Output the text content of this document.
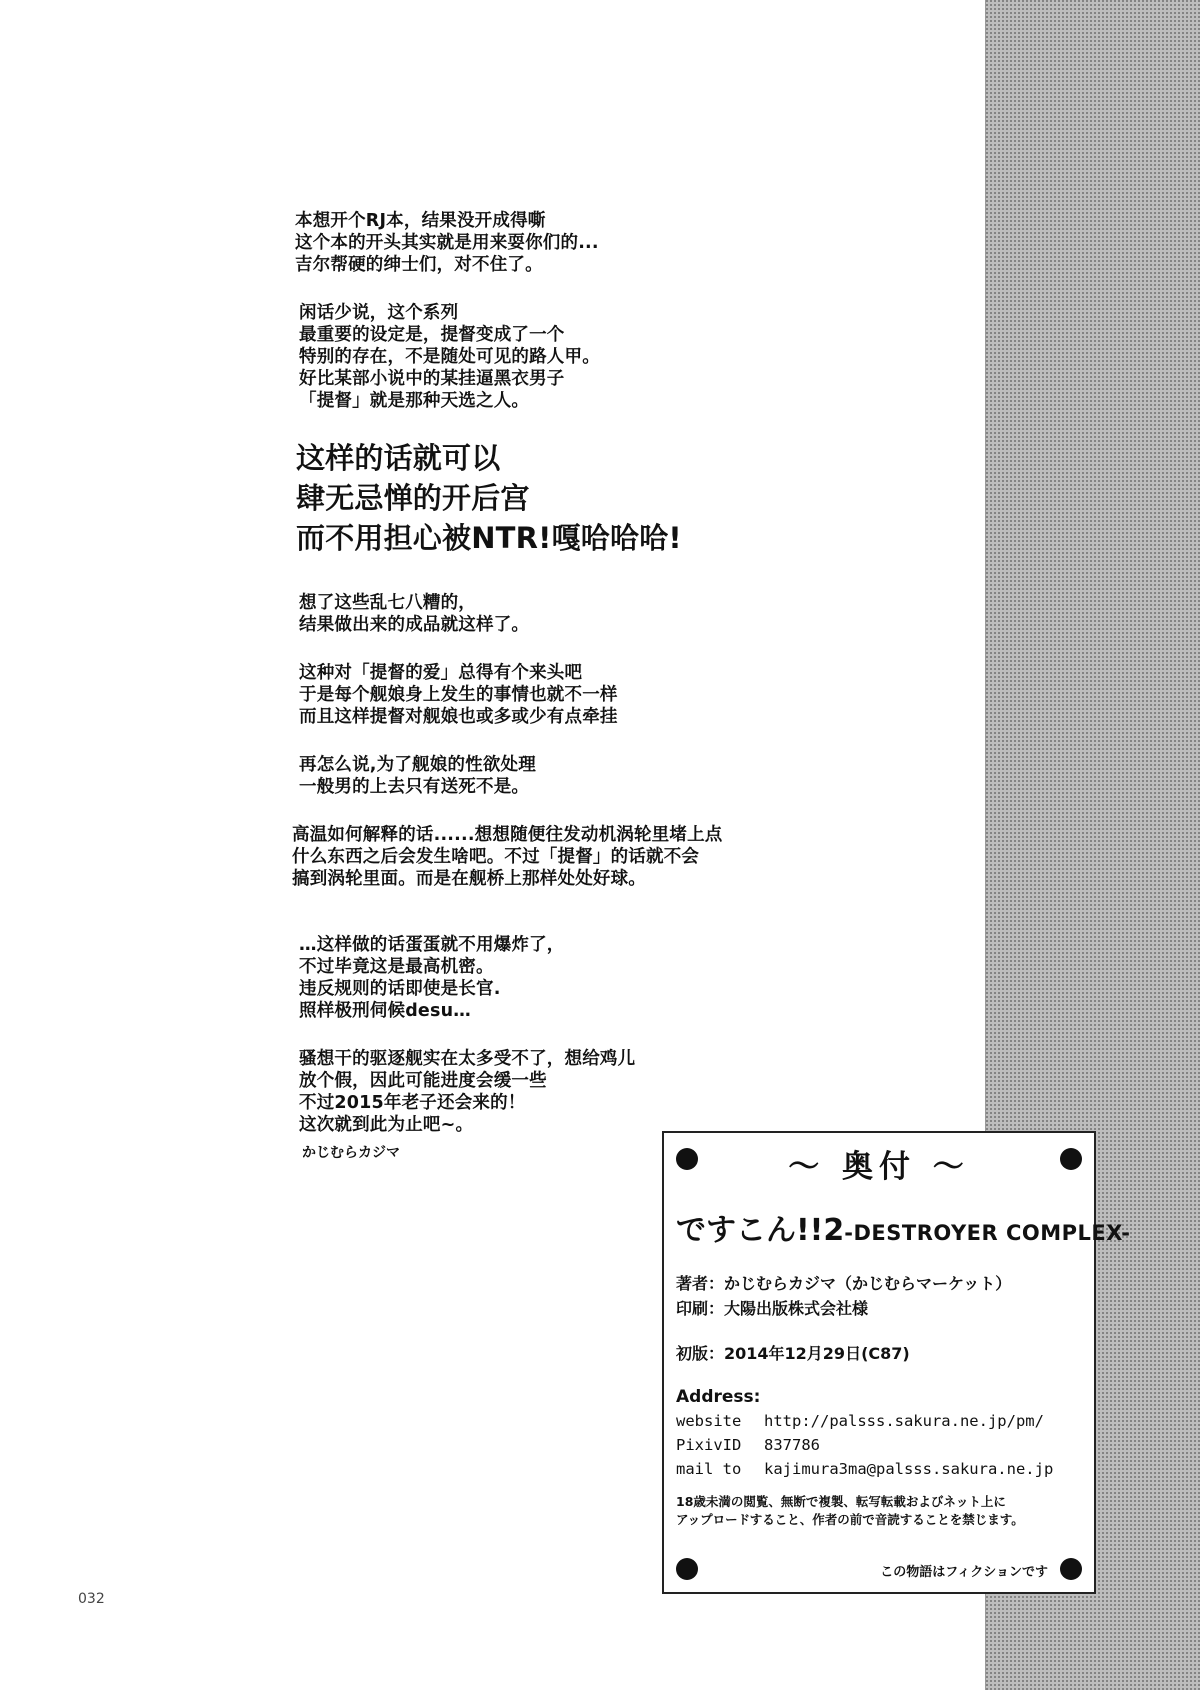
本想开个RJ本，结果没开成得嘶
这个本的开头其实就是用来耍你们的...
吉尔帮硬的绅士们，对不住了。
闲话少说，这个系列
最重要的设定是，提督变成了一个
特别的存在，不是随处可见的路人甲。
好比某部小说中的某挂逼黑衣男子
「提督」就是那种天选之人。
这样的话就可以
肆无忌惮的开后宫
而不用担心被NTR!嘎哈哈哈!
想了这些乱七八糟的，
结果做出来的成品就这样了。
这种对「提督的爱」总得有个来头吧
于是每个舰娘身上发生的事情也就不一样
而且这样提督对舰娘也或多或少有点牵挂
再怎么说,为了舰娘的性欲处理
一般男的上去只有送死不是。
高温如何解释的话......想想随便往发动机涡轮里堵上点
什么东西之后会发生啥吧。不过「提督」的话就不会
搞到涡轮里面。而是在舰桥上那样处处好球。
…这样做的话蛋蛋就不用爆炸了，
不过毕竟这是最高机密。
违反规则的话即使是长官.
照样极刑伺候desu…
骚想干的驱逐舰实在太多受不了，想给鸡儿
放个假，因此可能进度会缓一些
不过2015年老子还会来的！
这次就到此为止吧~。
かじむらカジマ	～ 奥付 ～
ですこん!!2-DESTROYER COMPLEX-
著者：かじむらカジマ（かじむらマーケット）
印刷：大陽出版株式会社様
初版：2014年12月29日(C87)
Address:
website	http://palsss.sakura.ne.jp/pm/
PixivID	837786
mail to	kajimura3ma@palsss.sakura.ne.jp
18歳未満の閲覧、無断で複製、転写転載およびネット上に
アップロードすること、作者の前で音読することを禁じます。
この物語はフィクションです
032
